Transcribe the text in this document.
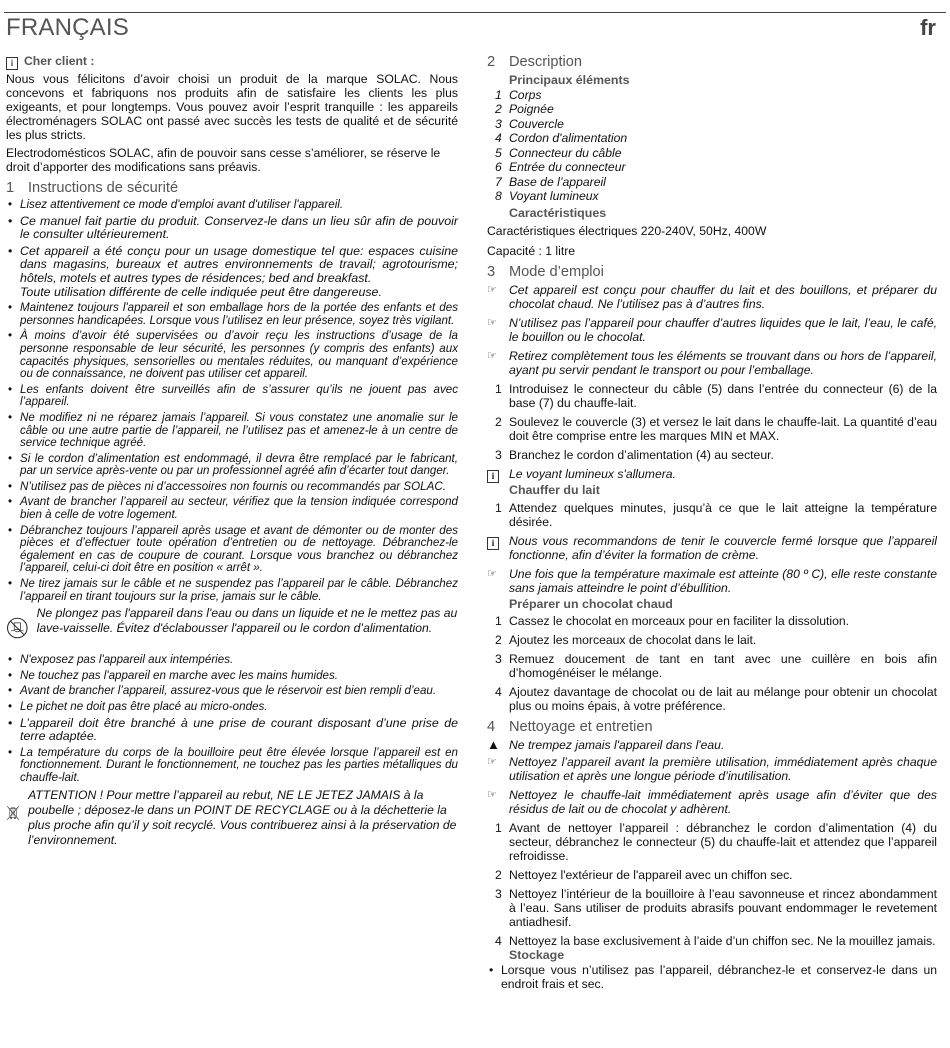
FRANÇAIS	fr
i Cher client :

Nous vous félicitons d’avoir choisi un produit de la marque SOLAC. Nous concevons et fabriquons nos produits afin de satisfaire les clients les plus exigeants, et pour longtemps. Vous pouvez avoir l’esprit tranquille : les appareils électroménagers SOLAC ont passé avec succès les tests de qualité et de sécurité les plus stricts.

Electrodomésticos SOLAC, afin de pouvoir sans cesse s’améliorer, se réserve le droit d’apporter des modifications sans préavis.

1 Instructions de sécurité
• Lisez attentivement ce mode d'emploi avant d'utiliser l'appareil.
• Ce manuel fait partie du produit. Conservez-le dans un lieu sûr afin de pouvoir le consulter ultérieurement.
• Cet appareil a été conçu pour un usage domestique tel que: espaces cuisine dans magasins, bureaux et autres environnements de travail; agrotourisme; hôtels, motels et autres types de résidences; bed and breakfast.
Toute utilisation différente de celle indiquée peut être dangereuse.
• Maintenez toujours l'appareil et son emballage hors de la portée des enfants et des personnes handicapées. Lorsque vous l’utilisez en leur présence, soyez très vigilant.
• À moins d’avoir été supervisées ou d’avoir reçu les instructions d’usage de la personne responsable de leur sécurité, les personnes (y compris des enfants) aux capacités physiques, sensorielles ou mentales réduites, ou manquant d’expérience ou de connaissance, ne doivent pas utiliser cet appareil.
• Les enfants doivent être surveillés afin de s’assurer qu’ils ne jouent pas avec l’appareil.
• Ne modifiez ni ne réparez jamais l’appareil. Si vous constatez une anomalie sur le câble ou une autre partie de l’appareil, ne l’utilisez pas et amenez-le à un centre de service technique agréé.
• Si le cordon d’alimentation est endommagé, il devra être remplacé par le fabricant, par un service après-vente ou par un professionnel agréé afin d’écarter tout danger.
• N’utilisez pas de pièces ni d’accessoires non fournis ou recommandés par SOLAC.
• Avant de brancher l’appareil au secteur, vérifiez que la tension indiquée correspond bien à celle de votre logement.
• Débranchez toujours l’appareil après usage et avant de démonter ou de monter des pièces et d’effectuer toute opération d’entretien ou de nettoyage. Débranchez-le également en cas de coupure de courant. Lorsque vous branchez ou débranchez l’appareil, celui-ci doit être en position « arrêt ».
• Ne tirez jamais sur le câble et ne suspendez pas l’appareil par le câble. Débranchez l’appareil en tirant toujours sur la prise, jamais sur le câble.
Ne plongez pas l'appareil dans l'eau ou dans un liquide et ne le mettez pas au lave-vaisselle. Évitez d'éclabousser l'appareil ou le cordon d’alimentation.
• N'exposez pas l'appareil aux intempéries.
• Ne touchez pas l'appareil en marche avec les mains humides.
• Avant de brancher l’appareil, assurez-vous que le réservoir est bien rempli d’eau.
• Le pichet ne doit pas être placé au micro-ondes.
• L’appareil doit être branché à une prise de courant disposant d’une prise de terre adaptée.
• La température du corps de la bouilloire peut être élevée lorsque l’appareil est en fonctionnement. Durant le fonctionnement, ne touchez pas les parties métalliques du chauffe-lait.
ATTENTION ! Pour mettre l’appareil au rebut, NE LE JETEZ JAMAIS à la poubelle ; déposez-le dans un POINT DE RECYCLAGE ou à la déchetterie la plus proche afin qu’il y soit recyclé. Vous contribuerez ainsi à la préservation de l’environnement.
2 Description
Principaux éléments
1 Corps
2 Poignée
3 Couvercle
4 Cordon d'alimentation
5 Connecteur du câble
6 Entrée du connecteur
7 Base de l’appareil
8 Voyant lumineux
Caractéristiques

Caractéristiques électriques 220-240V, 50Hz, 400W

Capacité : 1 litre

3 Mode d’emploi
☞ Cet appareil est conçu pour chauffer du lait et des bouillons, et préparer du chocolat chaud. Ne l’utilisez pas à d’autres fins.
☞ N’utilisez pas l’appareil pour chauffer d’autres liquides que le lait, l’eau, le café, le bouillon ou le chocolat.
☞ Retirez complètement tous les éléments se trouvant dans ou hors de l’appareil, ayant pu servir pendant le transport ou pour l’emballage.
1 Introduisez le connecteur du câble (5) dans l’entrée du connecteur (6) de la base (7) du chauffe-lait.
2 Soulevez le couvercle (3) et versez le lait dans le chauffe-lait. La quantité d’eau doit être comprise entre les marques MIN et MAX.
3 Branchez le cordon d’alimentation (4) au secteur.
i	Le voyant lumineux s'allumera.
Chauffer du lait
1 Attendez quelques minutes, jusqu’à ce que le lait atteigne la température désirée.
i	Nous vous recommandons de tenir le couvercle fermé lorsque que l’appareil fonctionne, afin d’éviter la formation de crème.
☞ Une fois que la température maximale est atteinte (80 º C), elle reste constante sans jamais atteindre le point d’ébullition.
Préparer un chocolat chaud
1 Cassez le chocolat en morceaux pour en faciliter la dissolution.
2 Ajoutez les morceaux de chocolat dans le lait.
3 Remuez doucement de tant en tant avec une cuillère en bois afin d’homogénéiser le mélange.
4 Ajoutez davantage de chocolat ou de lait au mélange pour obtenir un chocolat plus ou moins épais, à votre préférence.
4 Nettoyage et entretien
▲ Ne trempez jamais l'appareil dans l'eau.
☞ Nettoyez l’appareil avant la première utilisation, immédiatement après chaque utilisation et après une longue période d’inutilisation.
☞ Nettoyez le chauffe-lait immédiatement après usage afin d’éviter que des résidus de lait ou de chocolat y adhèrent.
1 Avant de nettoyer l’appareil : débranchez le cordon d’alimentation (4) du secteur, débranchez le connecteur (5) du chauffe-lait et attendez que l’appareil refroidisse.
2 Nettoyez l'extérieur de l'appareil avec un chiffon sec.
3 Nettoyez l’intérieur de la bouilloire à l’eau savonneuse et rincez abondamment à l’eau. Sans utiliser de produits abrasifs pouvant endommager le revetement antiadhesif.
4 Nettoyez la base exclusivement à l’aide d’un chiffon sec. Ne la mouillez jamais.
Stockage
• Lorsque vous n’utilisez pas l’appareil, débranchez-le et conservez-le dans un endroit frais et sec.
